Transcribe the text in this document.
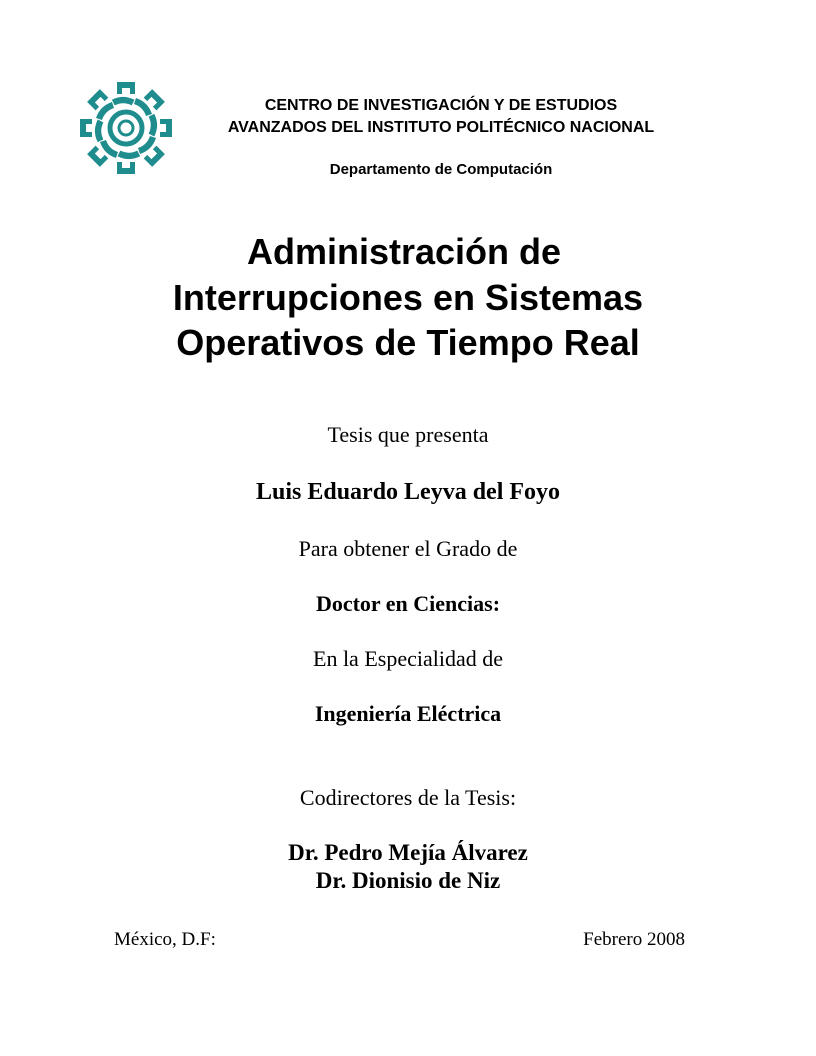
CENTRO DE INVESTIGACIÓN Y DE ESTUDIOS
AVANZADOS DEL INSTITUTO POLITÉCNICO NACIONAL
Departamento de Computación
Administración de
Interrupciones en Sistemas
Operativos de Tiempo Real
Tesis que presenta
Luis Eduardo Leyva del Foyo
Para obtener el Grado de
Doctor en Ciencias:
En la Especialidad de
Ingeniería Eléctrica
Codirectores de la Tesis:
Dr. Pedro Mejía Álvarez
Dr. Dionisio de Niz
México, D.F:	Febrero 2008
